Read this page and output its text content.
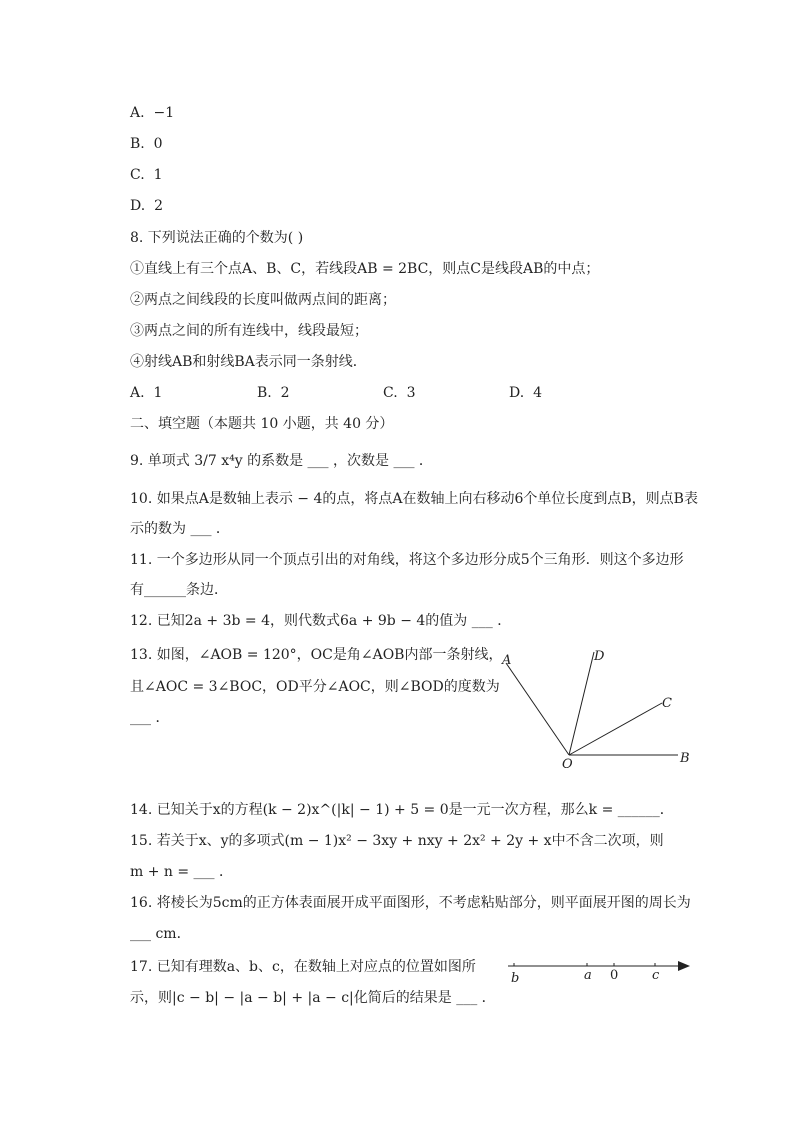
A. −1
B. 0
C. 1
D. 2
8. 下列说法正确的个数为( )
①直线上有三个点A、B、C，若线段AB = 2BC，则点C是线段AB的中点；
②两点之间线段的长度叫做两点间的距离；
③两点之间的所有连线中，线段最短；
④射线AB和射线BA表示同一条射线．
A. 1	B. 2	C. 3	D. 4
二、填空题（本题共 10 小题，共 40 分）
9. 单项式 3/7 x⁴y 的系数是 ___ ，次数是 ___ ．
10. 如果点A是数轴上表示 − 4的点，将点A在数轴上向右移动6个单位长度到点B，则点B表
示的数为 ___ ．
11. 一个多边形从同一个顶点引出的对角线，将这个多边形分成5个三角形．则这个多边形
有______条边．
12. 已知2a + 3b = 4，则代数式6a + 9b − 4的值为 ___ ．
13. 如图，∠AOB = 120°，OC是角∠AOB内部一条射线，
且∠AOC = 3∠BOC，OD平分∠AOC，则∠BOD的度数为
___ ．
A	D
C
O	B
14. 已知关于x的方程(k − 2)x^(|k| − 1) + 5 = 0是一元一次方程，那么k = ______．
15. 若关于x、y的多项式(m − 1)x² − 3xy + nxy + 2x² + 2y + x中不含二次项，则
m + n = ___ ．
16. 将棱长为5cm的正方体表面展开成平面图形，不考虑粘贴部分，则平面展开图的周长为
___ cm．
17. 已知有理数a、b、c，在数轴上对应点的位置如图所
示，则|c − b| − |a − b| + |a − c|化简后的结果是 ___ ．
b	a 0	c
